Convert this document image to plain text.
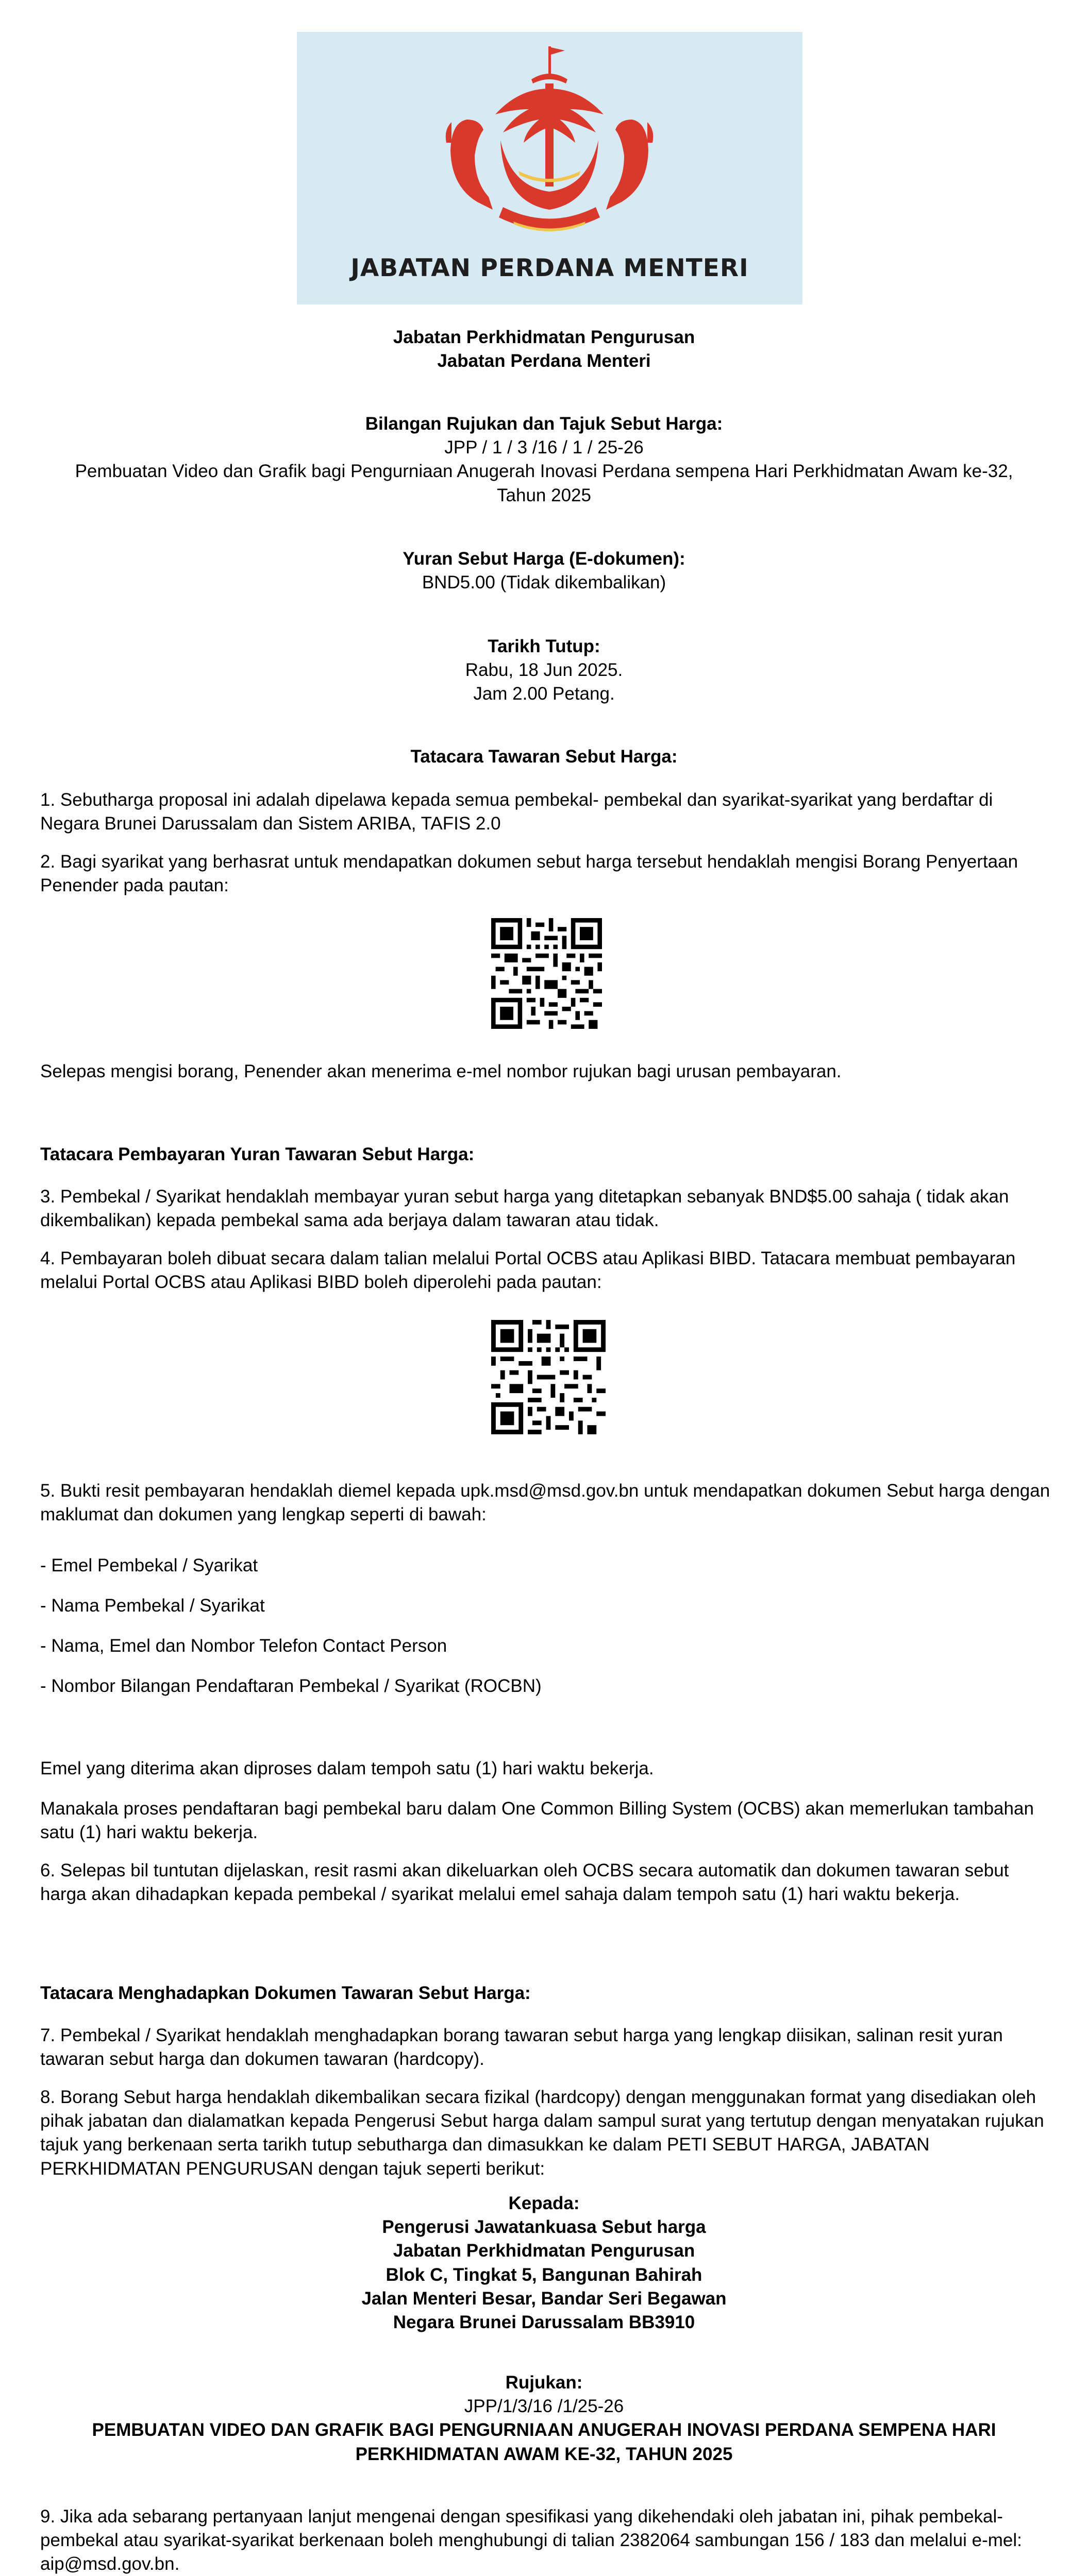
JABATAN PERDANA MENTERI

Jabatan Perkhidmatan Pengurusan

Jabatan Perdana Menteri

Bilangan Rujukan dan Tajuk Sebut Harga:

JPP / 1 / 3 /16 / 1 / 25-26

Pembuatan Video dan Grafik bagi Pengurniaan Anugerah Inovasi Perdana sempena Hari Perkhidmatan Awam ke-32,

Tahun 2025

Yuran Sebut Harga (E-dokumen):

BND5.00 (Tidak dikembalikan)

Tarikh Tutup:

Rabu, 18 Jun 2025.

Jam 2.00 Petang.

Tatacara Tawaran Sebut Harga:

1. Sebutharga proposal ini adalah dipelawa kepada semua pembekal- pembekal dan syarikat-syarikat yang berdaftar di Negara Brunei Darussalam dan Sistem ARIBA, TAFIS 2.0

2. Bagi syarikat yang berhasrat untuk mendapatkan dokumen sebut harga tersebut hendaklah mengisi Borang Penyertaan Penender pada pautan:

Selepas mengisi borang, Penender akan menerima e-mel nombor rujukan bagi urusan pembayaran.

Tatacara Pembayaran Yuran Tawaran Sebut Harga:

3. Pembekal / Syarikat hendaklah membayar yuran sebut harga yang ditetapkan sebanyak BND$5.00 sahaja ( tidak akan dikembalikan) kepada pembekal sama ada berjaya dalam tawaran atau tidak.

4. Pembayaran boleh dibuat secara dalam talian melalui Portal OCBS atau Aplikasi BIBD. Tatacara membuat pembayaran melalui Portal OCBS atau Aplikasi BIBD boleh diperolehi pada pautan:

5. Bukti resit pembayaran hendaklah diemel kepada upk.msd@msd.gov.bn untuk mendapatkan dokumen Sebut harga dengan maklumat dan dokumen yang lengkap seperti di bawah:

- Emel Pembekal / Syarikat

- Nama Pembekal / Syarikat

- Nama, Emel dan Nombor Telefon Contact Person

- Nombor Bilangan Pendaftaran Pembekal / Syarikat (ROCBN)

Emel yang diterima akan diproses dalam tempoh satu (1) hari waktu bekerja.

Manakala proses pendaftaran bagi pembekal baru dalam One Common Billing System (OCBS) akan memerlukan tambahan satu (1) hari waktu bekerja.

6. Selepas bil tuntutan dijelaskan, resit rasmi akan dikeluarkan oleh OCBS secara automatik dan dokumen tawaran sebut harga akan dihadapkan kepada pembekal / syarikat melalui emel sahaja dalam tempoh satu (1) hari waktu bekerja.

Tatacara Menghadapkan Dokumen Tawaran Sebut Harga:

7. Pembekal / Syarikat hendaklah menghadapkan borang tawaran sebut harga yang lengkap diisikan, salinan resit yuran tawaran sebut harga dan dokumen tawaran (hardcopy).

8. Borang Sebut harga hendaklah dikembalikan secara fizikal (hardcopy) dengan menggunakan format yang disediakan oleh pihak jabatan dan dialamatkan kepada Pengerusi Sebut harga dalam sampul surat yang tertutup dengan menyatakan rujukan tajuk yang berkenaan serta tarikh tutup sebutharga dan dimasukkan ke dalam PETI SEBUT HARGA, JABATAN PERKHIDMATAN PENGURUSAN dengan tajuk seperti berikut:

Kepada:

Pengerusi Jawatankuasa Sebut harga

Jabatan Perkhidmatan Pengurusan

Blok C, Tingkat 5, Bangunan Bahirah

Jalan Menteri Besar, Bandar Seri Begawan

Negara Brunei Darussalam BB3910

Rujukan:

JPP/1/3/16 /1/25-26

PEMBUATAN VIDEO DAN GRAFIK BAGI PENGURNIAAN ANUGERAH INOVASI PERDANA SEMPENA HARI

PERKHIDMATAN AWAM KE-32, TAHUN 2025

9. Jika ada sebarang pertanyaan lanjut mengenai dengan spesifikasi yang dikehendaki oleh jabatan ini, pihak pembekal-pembekal atau syarikat-syarikat berkenaan boleh menghubungi di talian 2382064 sambungan 156 / 183 dan melalui e-mel: aip@msd.gov.bn.
